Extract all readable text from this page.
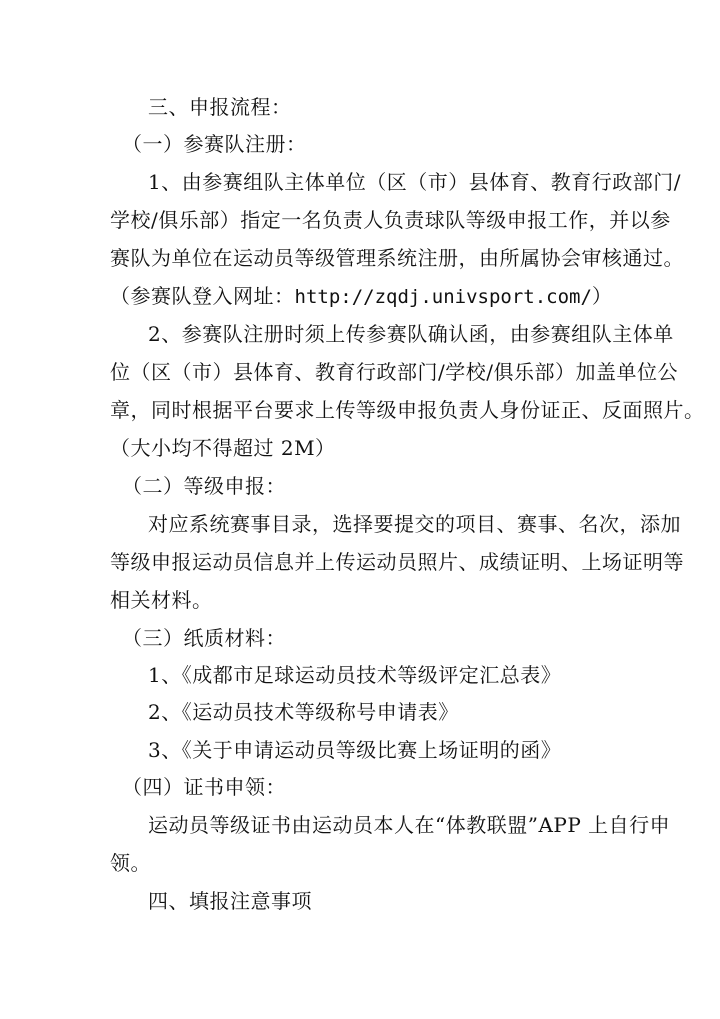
三、申报流程：
（一）参赛队注册：
1、由参赛组队主体单位（区（市）县体育、教育行政部门/
学校/俱乐部）指定一名负责人负责球队等级申报工作，并以参
赛队为单位在运动员等级管理系统注册，由所属协会审核通过。
（参赛队登入网址：http://zqdj.univsport.com/）
2、参赛队注册时须上传参赛队确认函，由参赛组队主体单
位（区（市）县体育、教育行政部门/学校/俱乐部）加盖单位公
章，同时根据平台要求上传等级申报负责人身份证正、反面照片。
（大小均不得超过 2M）
（二）等级申报：
对应系统赛事目录，选择要提交的项目、赛事、名次，添加
等级申报运动员信息并上传运动员照片、成绩证明、上场证明等
相关材料。
（三）纸质材料：
1、《成都市足球运动员技术等级评定汇总表》
2、《运动员技术等级称号申请表》
3、《关于申请运动员等级比赛上场证明的函》
（四）证书申领：
运动员等级证书由运动员本人在“体教联盟”APP 上自行申
领。
四、填报注意事项
